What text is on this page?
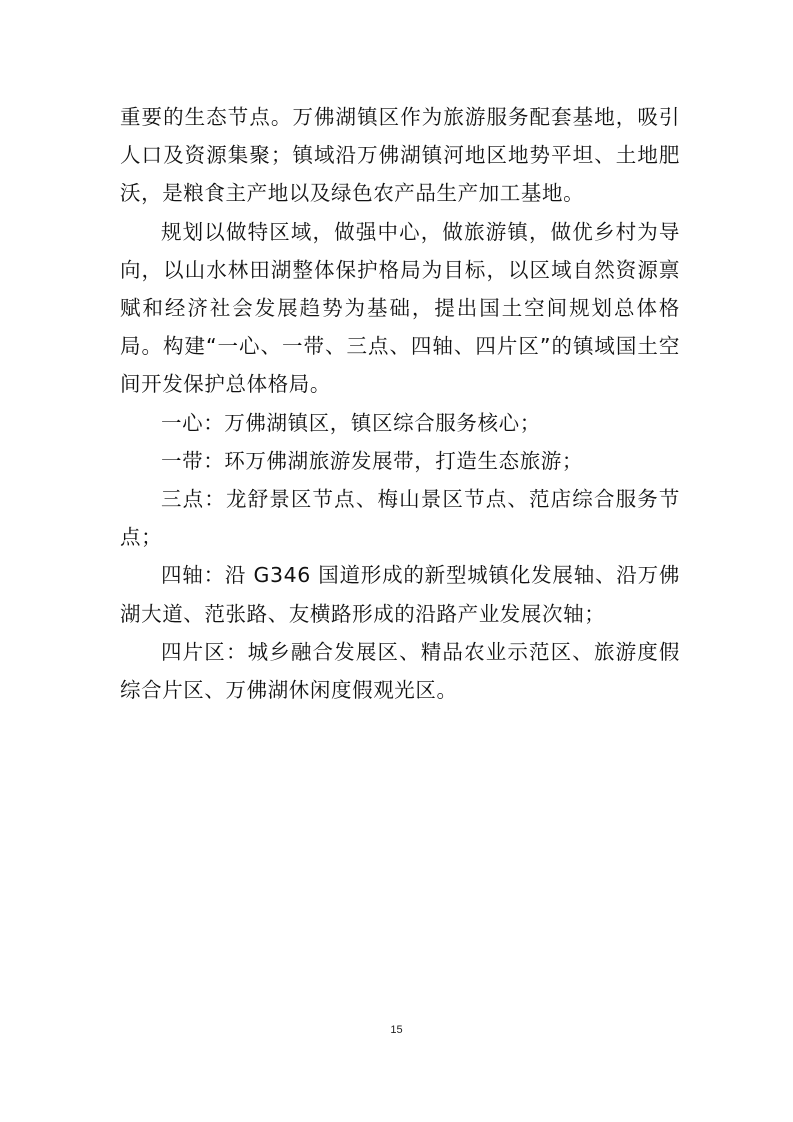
重要的生态节点。万佛湖镇区作为旅游服务配套基地，吸引人口及资源集聚；镇域沿万佛湖镇河地区地势平坦、土地肥沃，是粮食主产地以及绿色农产品生产加工基地。

规划以做特区域，做强中心，做旅游镇，做优乡村为导向，以山水林田湖整体保护格局为目标，以区域自然资源禀赋和经济社会发展趋势为基础，提出国土空间规划总体格局。构建“一心、一带、三点、四轴、四片区”的镇域国土空间开发保护总体格局。

一心：万佛湖镇区，镇区综合服务核心；

一带：环万佛湖旅游发展带，打造生态旅游；

三点：龙舒景区节点、梅山景区节点、范店综合服务节点；

四轴：沿 G346 国道形成的新型城镇化发展轴、沿万佛湖大道、范张路、友横路形成的沿路产业发展次轴；

四片区：城乡融合发展区、精品农业示范区、旅游度假综合片区、万佛湖休闲度假观光区。

15
